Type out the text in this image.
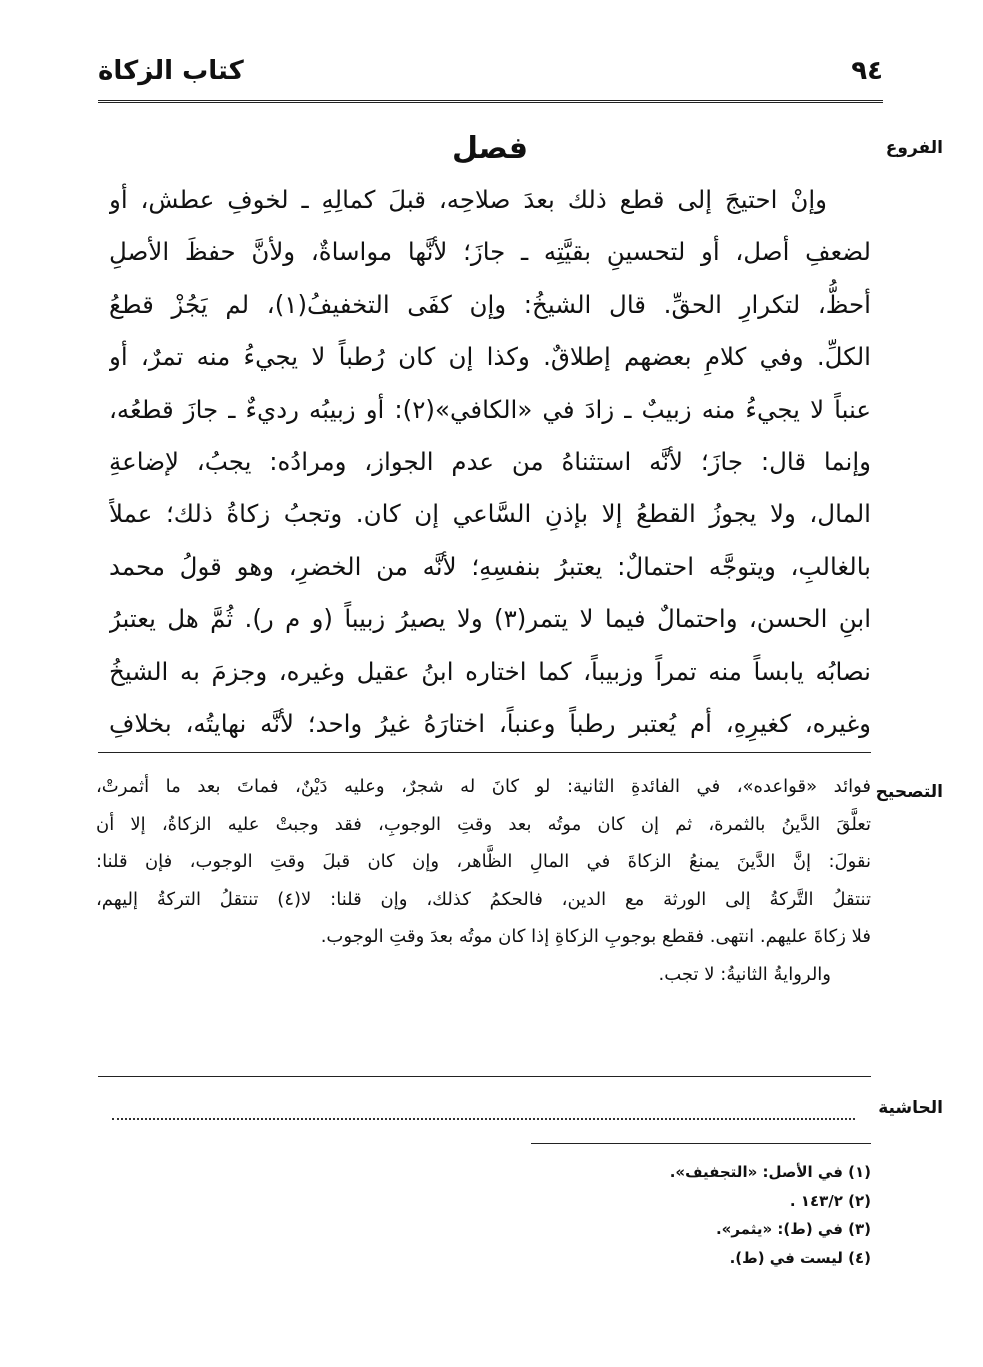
٩٤
كتاب الزكاة
الفروع
التصحيح
الحاشية
فصل
وإنْ احتيجَ إلى قطع ذلك بعدَ صلاحِه، قبلَ كمالِهِ ـ لخوفِ عطش، أو
لضعفِ أصل، أو لتحسينِ بقيَّتِه ـ جازَ؛ لأنَّها مواساةٌ، ولأنَّ حفظَ الأصلِ
أحظُّ، لتكرارِ الحقِّ. قال الشيخُ: وإن كفَى التخفيفُ(١)، لم يَجُزْ قطعُ
الكلِّ. وفي كلامِ بعضهم إطلاقٌ. وكذا إن كان رُطباً لا يجيءُ منه تمرٌ، أو
عنباً لا يجيءُ منه زبيبٌ ـ زادَ في «الكافي»(٢): أو زبيبُه رديءٌ ـ جازَ قطعُه،
وإنما قال: جازَ؛ لأنَّه استثناهُ من عدم الجواز، ومرادُه: يجبُ، لإضاعةِ
المال، ولا يجوزُ القطعُ إلا بإذنِ السَّاعي إن كان. وتجبُ زكاةُ ذلك؛ عملاً
بالغالبِ، ويتوجَّه احتمالٌ: يعتبرُ بنفسِهِ؛ لأنَّه من الخضرِ، وهو قولُ محمد
ابنِ الحسن، واحتمالٌ فيما لا يتمر(٣) ولا يصيرُ زبيباً (و م ر). ثُمَّ هل يعتبرُ
نصابُه يابساً منه تمراً وزبيباً، كما اختاره ابنُ عقيل وغيره، وجزمَ به الشيخُ
وغيره، كغيرِهِ، أم يُعتبر رطباً وعنباً، اختارَهُ غيرُ واحد؛ لأنَّه نهايتُه، بخلافِ
فوائد «قواعده»، في الفائدةِ الثانية: لو كانَ له شجرٌ، وعليه دَيْنٌ، فماتَ بعد ما أثمرتْ،
تعلَّقَ الدَّينُ بالثمرة، ثم إن كان موتُه بعد وقتِ الوجوبِ، فقد وجبتْ عليه الزكاةُ، إلا أن
نقولَ: إنَّ الدَّينَ يمنعُ الزكاةَ في المالِ الظَّاهر، وإن كان قبلَ وقتِ الوجوب، فإن قلنا:
تنتقلُ التَّركةُ إلى الورثة مع الدين، فالحكمُ كذلك، وإن قلنا: لا(٤) تنتقلُ التركةُ إليهم،
فلا زكاةَ عليهم. انتهى. فقطع بوجوبِ الزكاةِ إذا كان موتُه بعدَ وقتِ الوجوب.
والروايةُ الثانيةُ: لا تجب.
(١) في الأصل: «التجفيف».
(٢) ١٤٣/٢ .
(٣) في (ط): «يثمر».
(٤) ليست في (ط).
